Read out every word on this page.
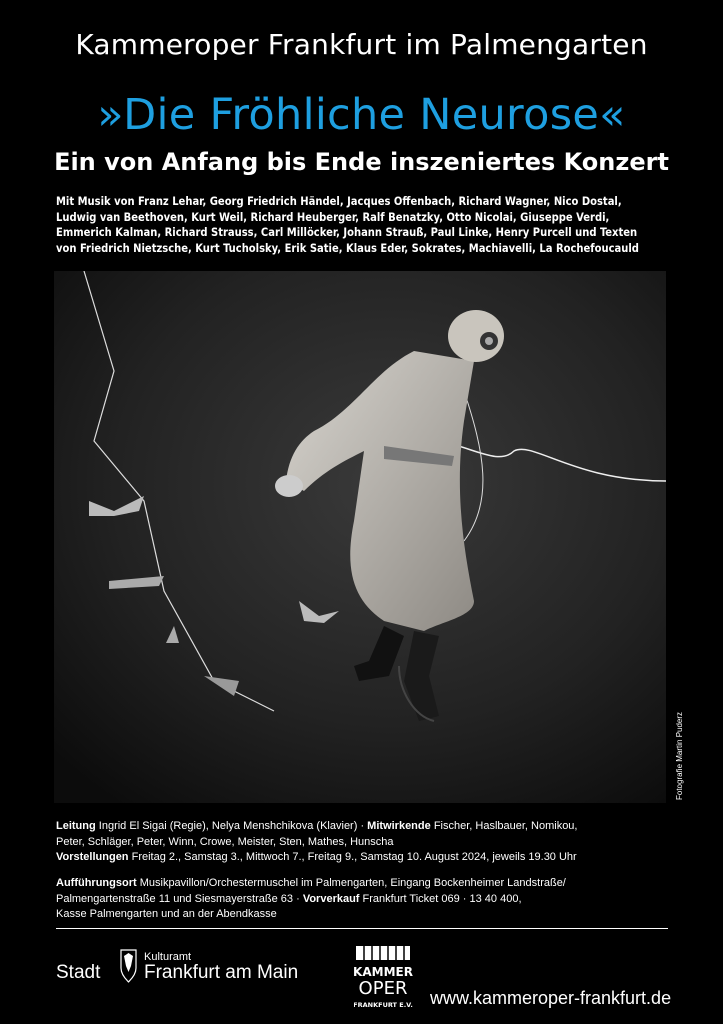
Kammeroper Frankfurt im Palmengarten
»Die Fröhliche Neurose«
Ein von Anfang bis Ende inszeniertes Konzert
Mit Musik von Franz Lehar, Georg Friedrich Händel, Jacques Offenbach, Richard Wagner, Nico Dostal,
Ludwig van Beethoven, Kurt Weil, Richard Heuberger, Ralf Benatzky, Otto Nicolai, Giuseppe Verdi,
Emmerich Kalman, Richard Strauss, Carl Millöcker, Johann Strauß, Paul Linke, Henry Purcell und Texten
von Friedrich Nietzsche, Kurt Tucholsky, Erik Satie, Klaus Eder, Sokrates, Machiavelli, La Rochefoucauld
Fotografie Martin Puderz
Leitung Ingrid El Sigai (Regie), Nelya Menshchikova (Klavier) · Mitwirkende Fischer, Haslbauer, Nomikou,
Peter, Schläger, Peter, Winn, Crowe, Meister, Sten, Mathes, Hunscha
Vorstellungen Freitag 2., Samstag 3., Mittwoch 7., Freitag 9., Samstag 10. August 2024, jeweils 19.30 Uhr
Aufführungsort Musikpavillon/Orchestermuschel im Palmengarten, Eingang Bockenheimer Landstraße/
Palmengartenstraße 11 und Siesmayerstraße 63 · Vorverkauf Frankfurt Ticket 069 · 13 40 400,
Kasse Palmengarten und an der Abendkasse
Stadt
Kulturamt
Frankfurt am Main	KAMMER
OPER
FRANKFURT E.V. www.kammeroper-frankfurt.de
